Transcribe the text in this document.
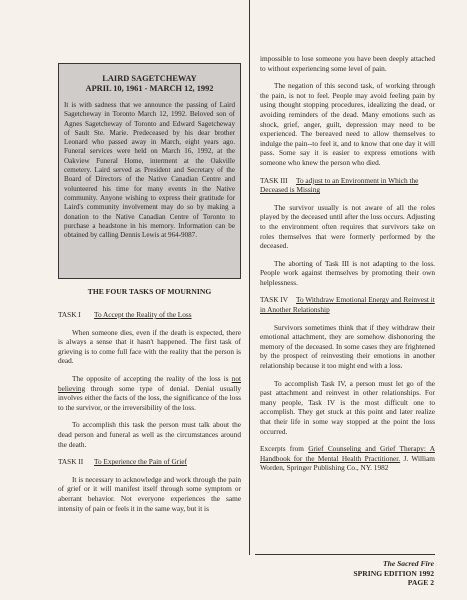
LAIRD SAGETCHEWAY
APRIL 10, 1961 - MARCH 12, 1992
It is with sadness that we announce the passing of Laird Sagetcheway in Toronto March 12, 1992. Beloved son of Agnes Sagetcheway of Toronto and Edward Sagetcheway of Sault Ste. Marie. Predeceased by his dear brother Leonard who passed away in March, eight years ago. Funeral services were held on March 16, 1992, at the Oakview Funeral Home, interment at the Oakville cemetery. Laird served as President and Secretary of the Board of Directors of the Native Canadian Centre and volunteered his time for many events in the Native community. Anyone wishing to express their gratitude for Laird's community involvement may do so by making a donation to the Native Canadian Centre of Toronto to purchase a headstone in his memory. Information can be obtained by calling Dennis Lewis at 964-9087.
THE FOUR TASKS OF MOURNING
TASK I To Accept the Reality of the Loss

When someone dies, even if the death is expected, there is always a sense that it hasn't happened. The first task of grieving is to come full face with the reality that the person is dead.

The opposite of accepting the reality of the loss is not believing through some type of denial. Denial usually involves either the facts of the loss, the significance of the loss to the survivor, or the irreversibility of the loss.

To accomplish this task the person must talk about the dead person and funeral as well as the circumstances around the death.

TASK II To Experience the Pain of Grief

It is necessary to acknowledge and work through the pain of grief or it will manifest itself through some symptom or aberrant behavior. Not everyone experiences the same intensity of pain or feels it in the same way, but it is

impossible to lose someone you have been deeply attached to without experiencing some level of pain.

The negation of this second task, of working through the pain, is not to feel. People may avoid feeling pain by using thought stopping procedures, idealizing the dead, or avoiding reminders of the dead. Many emotions such as shock, grief, anger, guilt, depression may need to be experienced. The bereaved need to allow themselves to indulge the pain--to feel it, and to know that one day it will pass. Some say it is easier to express emotions with someone who knew the person who died.

TASK III To adjust to an Environment in Which the Deceased is Missing

The survivor usually is not aware of all the roles played by the deceased until after the loss occurs. Adjusting to the environment often requires that survivors take on roles themselves that were formerly performed by the deceased.

The aborting of Task III is not adapting to the loss. People work against themselves by promoting their own helplessness.

TASK IV To Withdraw Emotional Energy and Reinvest it in Another Relationship

Survivors sometimes think that if they withdraw their emotional attachment, they are somehow dishonoring the memory of the deceased. In some cases they are frightened by the prospect of reinvesting their emotions in another relationship because it too might end with a loss.

To accomplish Task IV, a person must let go of the past attachment and reinvest in other relationships. For many people, Task IV is the most difficult one to accomplish. They get stuck at this point and later realize that their life in some way stopped at the point the loss occurred.

Excerpts from Grief Counseling and Grief Therapy: A Handbook for the Mental Health Practitioner. J. William Worden, Springer Publishing Co., NY. 1982

The Sacred Fire
SPRING EDITION 1992
PAGE 2
